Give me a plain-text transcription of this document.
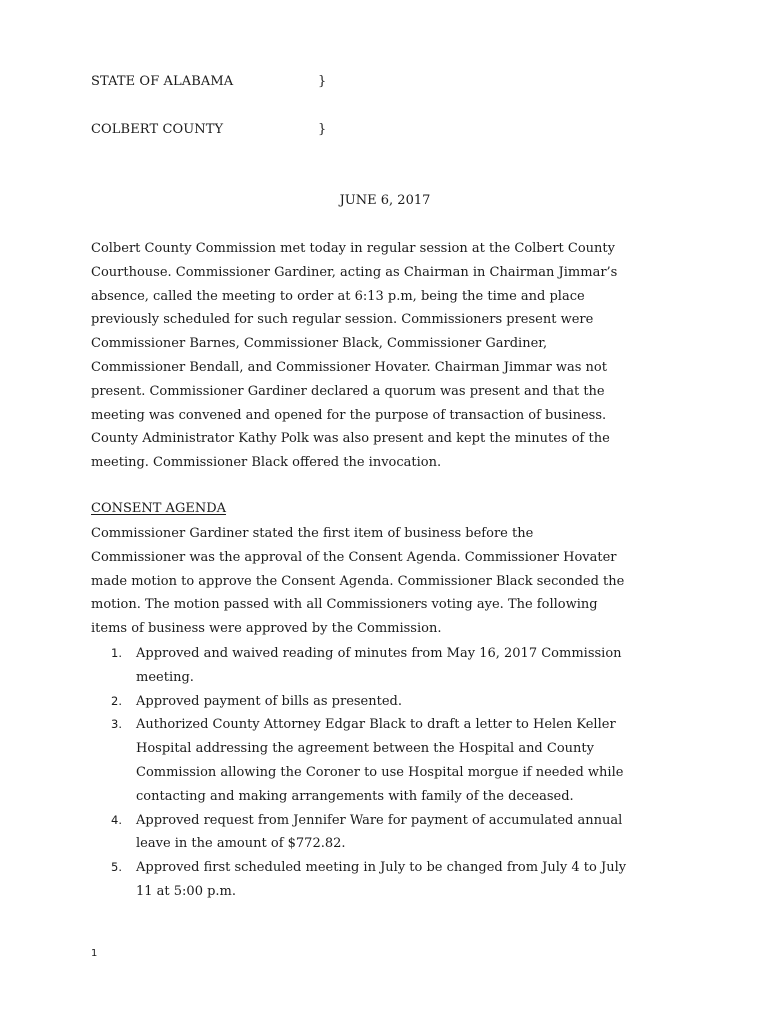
STATE OF ALABAMA	}
COLBERT COUNTY	}
JUNE 6, 2017

Colbert County Commission met today in regular session at the Colbert County
Courthouse. Commissioner Gardiner, acting as Chairman in Chairman Jimmar’s
absence, called the meeting to order at 6:13 p.m, being the time and place
previously scheduled for such regular session. Commissioners present were
Commissioner Barnes, Commissioner Black, Commissioner Gardiner,
Commissioner Bendall, and Commissioner Hovater. Chairman Jimmar was not
present. Commissioner Gardiner declared a quorum was present and that the
meeting was convened and opened for the purpose of transaction of business.
County Administrator Kathy Polk was also present and kept the minutes of the
meeting. Commissioner Black offered the invocation.

CONSENT AGENDA

Commissioner Gardiner stated the first item of business before the
Commissioner was the approval of the Consent Agenda. Commissioner Hovater
made motion to approve the Consent Agenda. Commissioner Black seconded the
motion. The motion passed with all Commissioners voting aye. The following
items of business were approved by the Commission.

1. Approved and waived reading of minutes from May 16, 2017 Commission
meeting.
2. Approved payment of bills as presented.
3. Authorized County Attorney Edgar Black to draft a letter to Helen Keller
Hospital addressing the agreement between the Hospital and County
Commission allowing the Coroner to use Hospital morgue if needed while
contacting and making arrangements with family of the deceased.
4. Approved request from Jennifer Ware for payment of accumulated annual
leave in the amount of $772.82.
5. Approved first scheduled meeting in July to be changed from July 4 to July
11 at 5:00 p.m.
1
